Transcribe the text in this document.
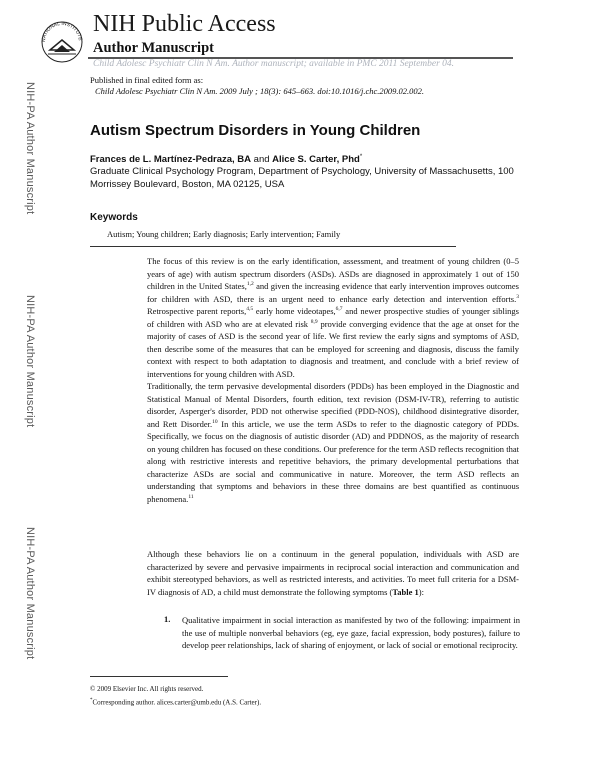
NATIONAL INSTITUTE
NIH Public Access
Author Manuscript
Child Adolesc Psychiatr Clin N Am. Author manuscript; available in PMC 2011 September 04.
Published in final edited form as:
Child Adolesc Psychiatr Clin N Am. 2009 July ; 18(3): 645–663. doi:10.1016/j.chc.2009.02.002.
NIH-PA Author Manuscript
NIH-PA Author Manuscript
NIH-PA Author Manuscript
Autism Spectrum Disorders in Young Children
Frances de L. Martínez-Pedraza, BA and Alice S. Carter, Phd*
Graduate Clinical Psychology Program, Department of Psychology, University of Massachusetts, 100 Morrissey Boulevard, Boston, MA 02125, USA
Keywords
Autism; Young children; Early diagnosis; Early intervention; Family
The focus of this review is on the early identification, assessment, and treatment of young children (0–5 years of age) with autism spectrum disorders (ASDs). ASDs are diagnosed in approximately 1 out of 150 children in the United States,$^{1,2}$ and given the increasing evidence that early intervention improves outcomes for children with ASD, there is an urgent need to enhance early detection and intervention efforts.$^3$ Retrospective parent reports,$^{4,5}$ early home videotapes,$^{6,7}$ and newer prospective studies of younger siblings of children with ASD who are at elevated risk $^{8,9}$ provide converging evidence that the age at onset for the majority of cases of ASD is the second year of life. We first review the early signs and symptoms of ASD, then describe some of the measures that can be employed for screening and diagnosis, discuss the family context with respect to both adaptation to diagnosis and treatment, and conclude with a brief review of interventions for young children with ASD.
Traditionally, the term pervasive developmental disorders (PDDs) has been employed in the Diagnostic and Statistical Manual of Mental Disorders, fourth edition, text revision (DSM-IV-TR), referring to autistic disorder, Asperger's disorder, PDD not otherwise specified (PDD-NOS), childhood disintegrative disorder, and Rett Disorder.$^{10}$ In this article, we use the term ASDs to refer to the diagnostic category of PDDs. Specifically, we focus on the diagnosis of autistic disorder (AD) and PDDNOS, as the majority of research on young children has focused on these conditions. Our preference for the term ASD reflects recognition that along with restrictive interests and repetitive behaviors, the primary developmental perturbations that characterize ASDs are social and communicative in nature. Moreover, the term ASD reflects an understanding that symptoms and behaviors in these three domains are best quantified as continuous phenomena.$^{11}$
Although these behaviors lie on a continuum in the general population, individuals with ASD are characterized by severe and pervasive impairments in reciprocal social interaction and communication and exhibit stereotyped behaviors, as well as restricted interests, and activities. To meet full criteria for a DSM-IV diagnosis of AD, a child must demonstrate the following symptoms (Table 1):
1. Qualitative impairment in social interaction as manifested by two of the following: impairment in the use of multiple nonverbal behaviors (eg, eye gaze, facial expression, body postures), failure to develop peer relationships, lack of sharing of enjoyment, or lack of social or emotional reciprocity.
© 2009 Elsevier Inc. All rights reserved.
*Corresponding author. alices.carter@umb.edu (A.S. Carter).
